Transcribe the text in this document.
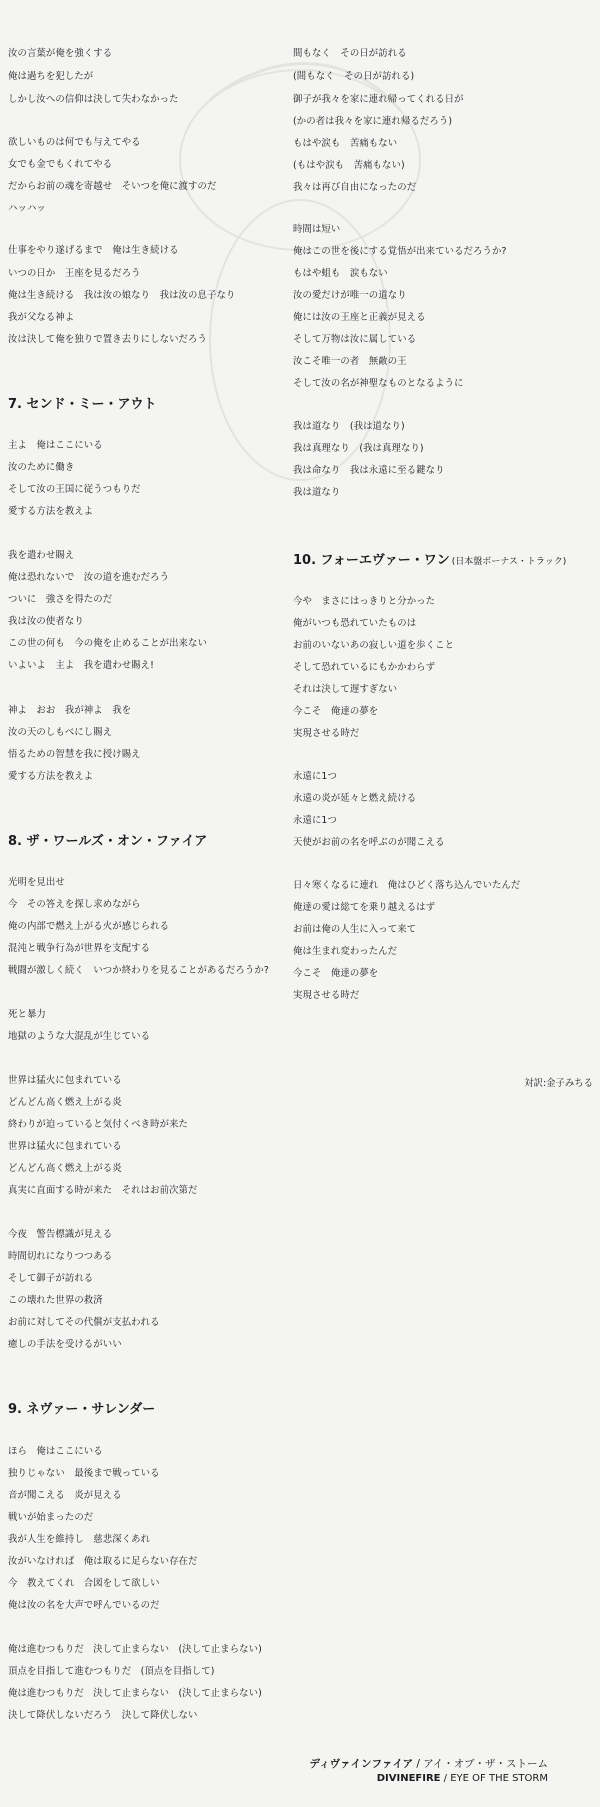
汝の言葉が俺を強くする
俺は過ちを犯したが
しかし汝への信仰は決して失わなかった
欲しいものは何でも与えてやる
女でも金でもくれてやる
だからお前の魂を寄越せ　そいつを俺に渡すのだ
ハッハッ
仕事をやり遂げるまで　俺は生き続ける
いつの日か　王座を見るだろう
俺は生き続ける　我は汝の娘なり　我は汝の息子なり
我が父なる神よ
汝は決して俺を独りで置き去りにしないだろう
7. センド・ミー・アウト
主よ　俺はここにいる
汝のために働き
そして汝の王国に従うつもりだ
愛する方法を教えよ
我を遣わせ賜え
俺は恐れないで　汝の道を進むだろう
ついに　強さを得たのだ
我は汝の使者なり
この世の何も　今の俺を止めることが出来ない
いよいよ　主よ　我を遣わせ賜え!
神よ　おお　我が神よ　我を
汝の天のしもべにし賜え
悟るための智慧を我に授け賜え
愛する方法を教えよ
8. ザ・ワールズ・オン・ファイア
光明を見出せ
今　その答えを探し求めながら
俺の内部で燃え上がる火が感じられる
混沌と戦争行為が世界を支配する
戦闘が激しく続く　いつか終わりを見ることがあるだろうか?
死と暴力
地獄のような大混乱が生じている
世界は猛火に包まれている
どんどん高く燃え上がる炎
終わりが迫っていると気付くべき時が来た
世界は猛火に包まれている
どんどん高く燃え上がる炎
真実に直面する時が来た　それはお前次第だ
今夜　警告標識が見える
時間切れになりつつある
そして御子が訪れる
この壊れた世界の救済
お前に対してその代償が支払われる
癒しの手法を受けるがいい
9. ネヴァー・サレンダー
ほら　俺はここにいる
独りじゃない　最後まで戦っている
音が聞こえる　炎が見える
戦いが始まったのだ
我が人生を維持し　慈悲深くあれ
汝がいなければ　俺は取るに足らない存在だ
今　教えてくれ　合図をして欲しい
俺は汝の名を大声で呼んでいるのだ
俺は進むつもりだ　決して止まらない　(決して止まらない)
頂点を目指して進むつもりだ　(頂点を目指して)
俺は進むつもりだ　決して止まらない　(決して止まらない)
決して降伏しないだろう　決して降伏しない
間もなく　その日が訪れる
(間もなく　その日が訪れる)
御子が我々を家に連れ帰ってくれる日が
(かの者は我々を家に連れ帰るだろう)
もはや涙も　苦痛もない
(もはや涙も　苦痛もない)
我々は再び自由になったのだ
時間は短い
俺はこの世を後にする覚悟が出来ているだろうか?
もはや蛆も　涙もない
汝の愛だけが唯一の道なり
俺には汝の王座と正義が見える
そして万物は汝に属している
汝こそ唯一の者　無敵の王
そして汝の名が神聖なものとなるように
我は道なり　(我は道なり)
我は真理なり　(我は真理なり)
我は命なり　我は永遠に至る鍵なり
我は道なり
10. フォーエヴァー・ワン (日本盤ボーナス・トラック)
今や　まさにはっきりと分かった
俺がいつも恐れていたものは
お前のいないあの寂しい道を歩くこと
そして恐れているにもかかわらず
それは決して遅すぎない
今こそ　俺達の夢を
実現させる時だ
永遠に1つ
永遠の炎が延々と燃え続ける
永遠に1つ
天使がお前の名を呼ぶのが聞こえる
日々寒くなるに連れ　俺はひどく落ち込んでいたんだ
俺達の愛は総てを乗り越えるはず
お前は俺の人生に入って来て
俺は生まれ変わったんだ
今こそ　俺達の夢を
実現させる時だ
対訳:金子みちる
ディヴァインファイア / アイ・オブ・ザ・ストーム
DIVINEFIRE / EYE OF THE STORM
